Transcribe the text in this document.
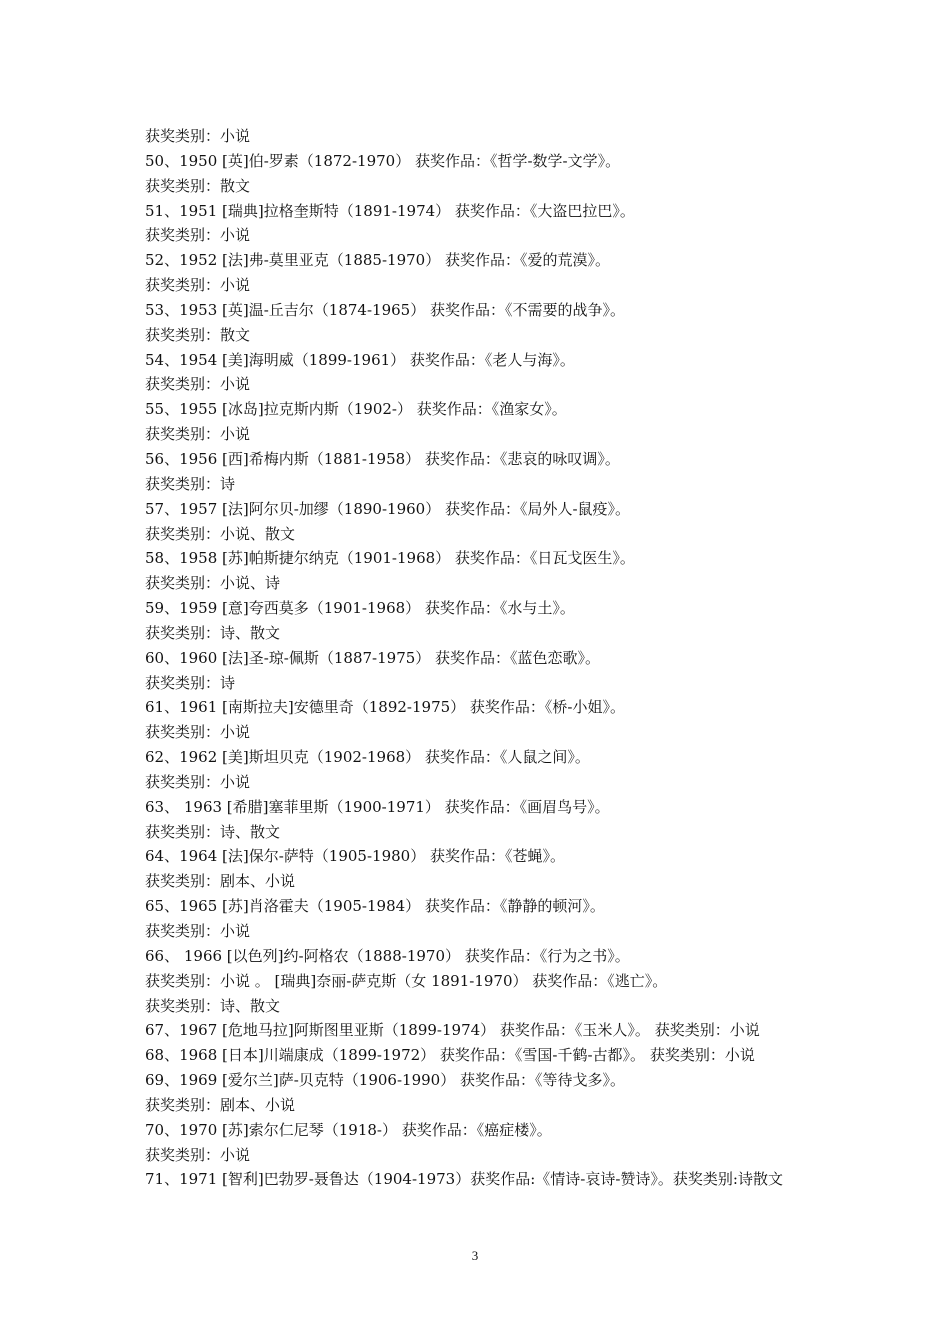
获奖类别：小说
50、1950 [英]伯-罗素（1872-1970） 获奖作品：《哲学-数学-文学》。
获奖类别：散文
51、1951 [瑞典]拉格奎斯特（1891-1974） 获奖作品：《大盗巴拉巴》。
获奖类别：小说
52、1952 [法]弗-莫里亚克（1885-1970） 获奖作品：《爱的荒漠》。
获奖类别：小说
53、1953 [英]温-丘吉尔（1874-1965） 获奖作品：《不需要的战争》。
获奖类别：散文
54、1954 [美]海明威（1899-1961） 获奖作品：《老人与海》。
获奖类别：小说
55、1955 [冰岛]拉克斯内斯（1902-） 获奖作品：《渔家女》。
获奖类别：小说
56、1956 [西]希梅内斯（1881-1958） 获奖作品：《悲哀的咏叹调》。
获奖类别：诗
57、1957 [法]阿尔贝-加缪（1890-1960） 获奖作品：《局外人-鼠疫》。
获奖类别：小说、散文
58、1958 [苏]帕斯捷尔纳克（1901-1968） 获奖作品：《日瓦戈医生》。
获奖类别：小说、诗
59、1959 [意]夸西莫多（1901-1968） 获奖作品：《水与土》。
获奖类别：诗、散文
60、1960 [法]圣-琼-佩斯（1887-1975） 获奖作品：《蓝色恋歌》。
获奖类别：诗
61、1961 [南斯拉夫]安德里奇（1892-1975） 获奖作品：《桥-小姐》。
获奖类别：小说
62、1962 [美]斯坦贝克（1902-1968） 获奖作品：《人鼠之间》。
获奖类别：小说
63、 1963 [希腊]塞菲里斯（1900-1971） 获奖作品：《画眉鸟号》。
获奖类别：诗、散文
64、1964 [法]保尔-萨特（1905-1980） 获奖作品：《苍蝇》。
获奖类别：剧本、小说
65、1965 [苏]肖洛霍夫（1905-1984） 获奖作品：《静静的顿河》。
获奖类别：小说
66、 1966 [以色列]约-阿格农（1888-1970） 获奖作品：《行为之书》。
获奖类别：小说 。 [瑞典]奈丽-萨克斯（女 1891-1970） 获奖作品：《逃亡》。
获奖类别：诗、散文
67、1967 [危地马拉]阿斯图里亚斯（1899-1974） 获奖作品：《玉米人》。 获奖类别：小说
68、1968 [日本]川端康成（1899-1972） 获奖作品：《雪国-千鹤-古都》。 获奖类别：小说
69、1969 [爱尔兰]萨-贝克特（1906-1990） 获奖作品：《等待戈多》。
获奖类别：剧本、小说
70、1970 [苏]索尔仁尼琴（1918-） 获奖作品：《癌症楼》。
获奖类别：小说
71、1971 [智利]巴勃罗-聂鲁达（1904-1973）获奖作品:《情诗-哀诗-赞诗》。获奖类别:诗散文
3
